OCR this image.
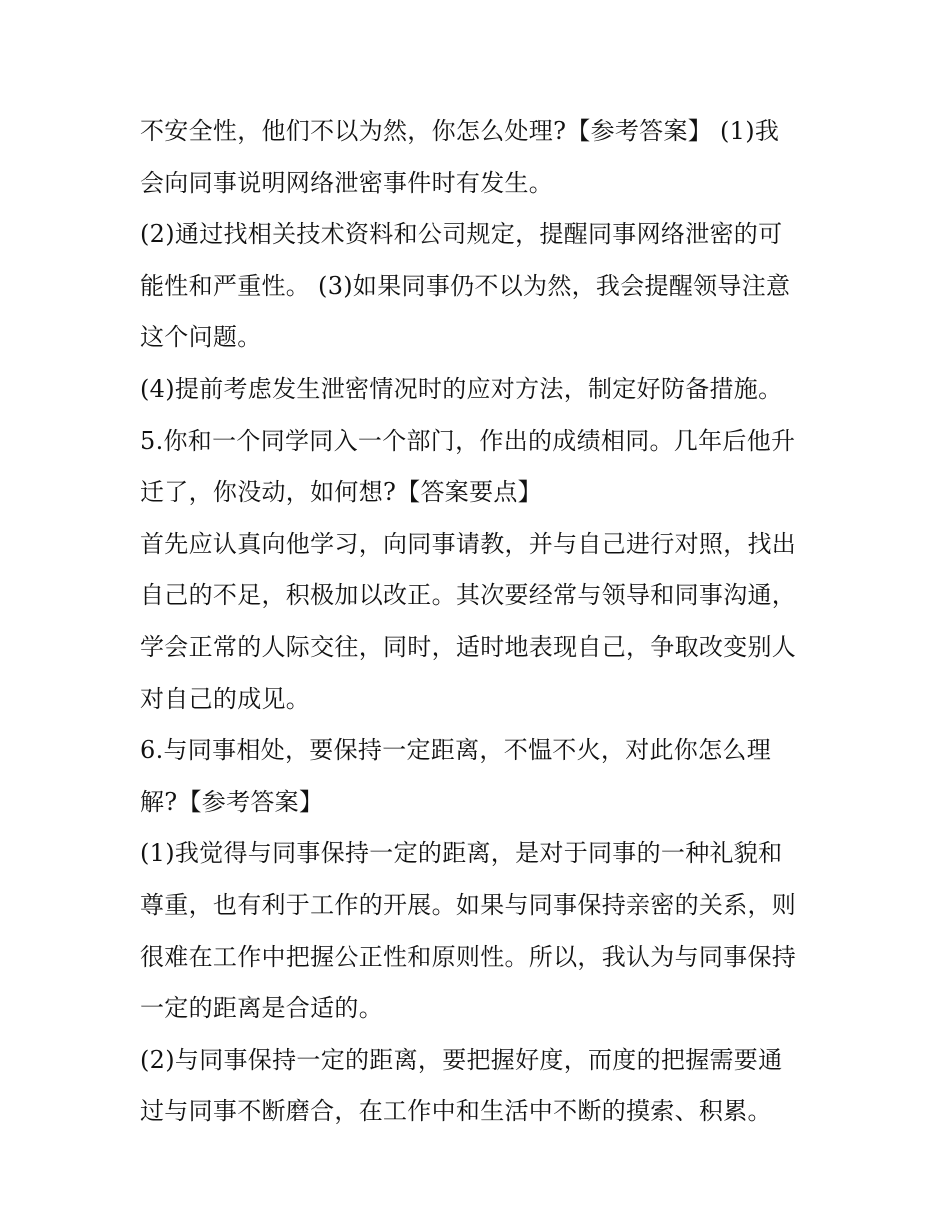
不安全性，他们不以为然，你怎么处理?【参考答案】 (1)我
会向同事说明网络泄密事件时有发生。
(2)通过找相关技术资料和公司规定，提醒同事网络泄密的可
能性和严重性。 (3)如果同事仍不以为然，我会提醒领导注意
这个问题。
(4)提前考虑发生泄密情况时的应对方法，制定好防备措施。
5.你和一个同学同入一个部门，作出的成绩相同。几年后他升
迁了，你没动，如何想?【答案要点】
首先应认真向他学习，向同事请教，并与自己进行对照，找出
自己的不足，积极加以改正。其次要经常与领导和同事沟通，
学会正常的人际交往，同时，适时地表现自己，争取改变别人
对自己的成见。
6.与同事相处，要保持一定距离，不愠不火，对此你怎么理
解?【参考答案】
(1)我觉得与同事保持一定的距离，是对于同事的一种礼貌和
尊重，也有利于工作的开展。如果与同事保持亲密的关系，则
很难在工作中把握公正性和原则性。所以，我认为与同事保持
一定的距离是合适的。
(2)与同事保持一定的距离，要把握好度，而度的把握需要通
过与同事不断磨合，在工作中和生活中不断的摸索、积累。
